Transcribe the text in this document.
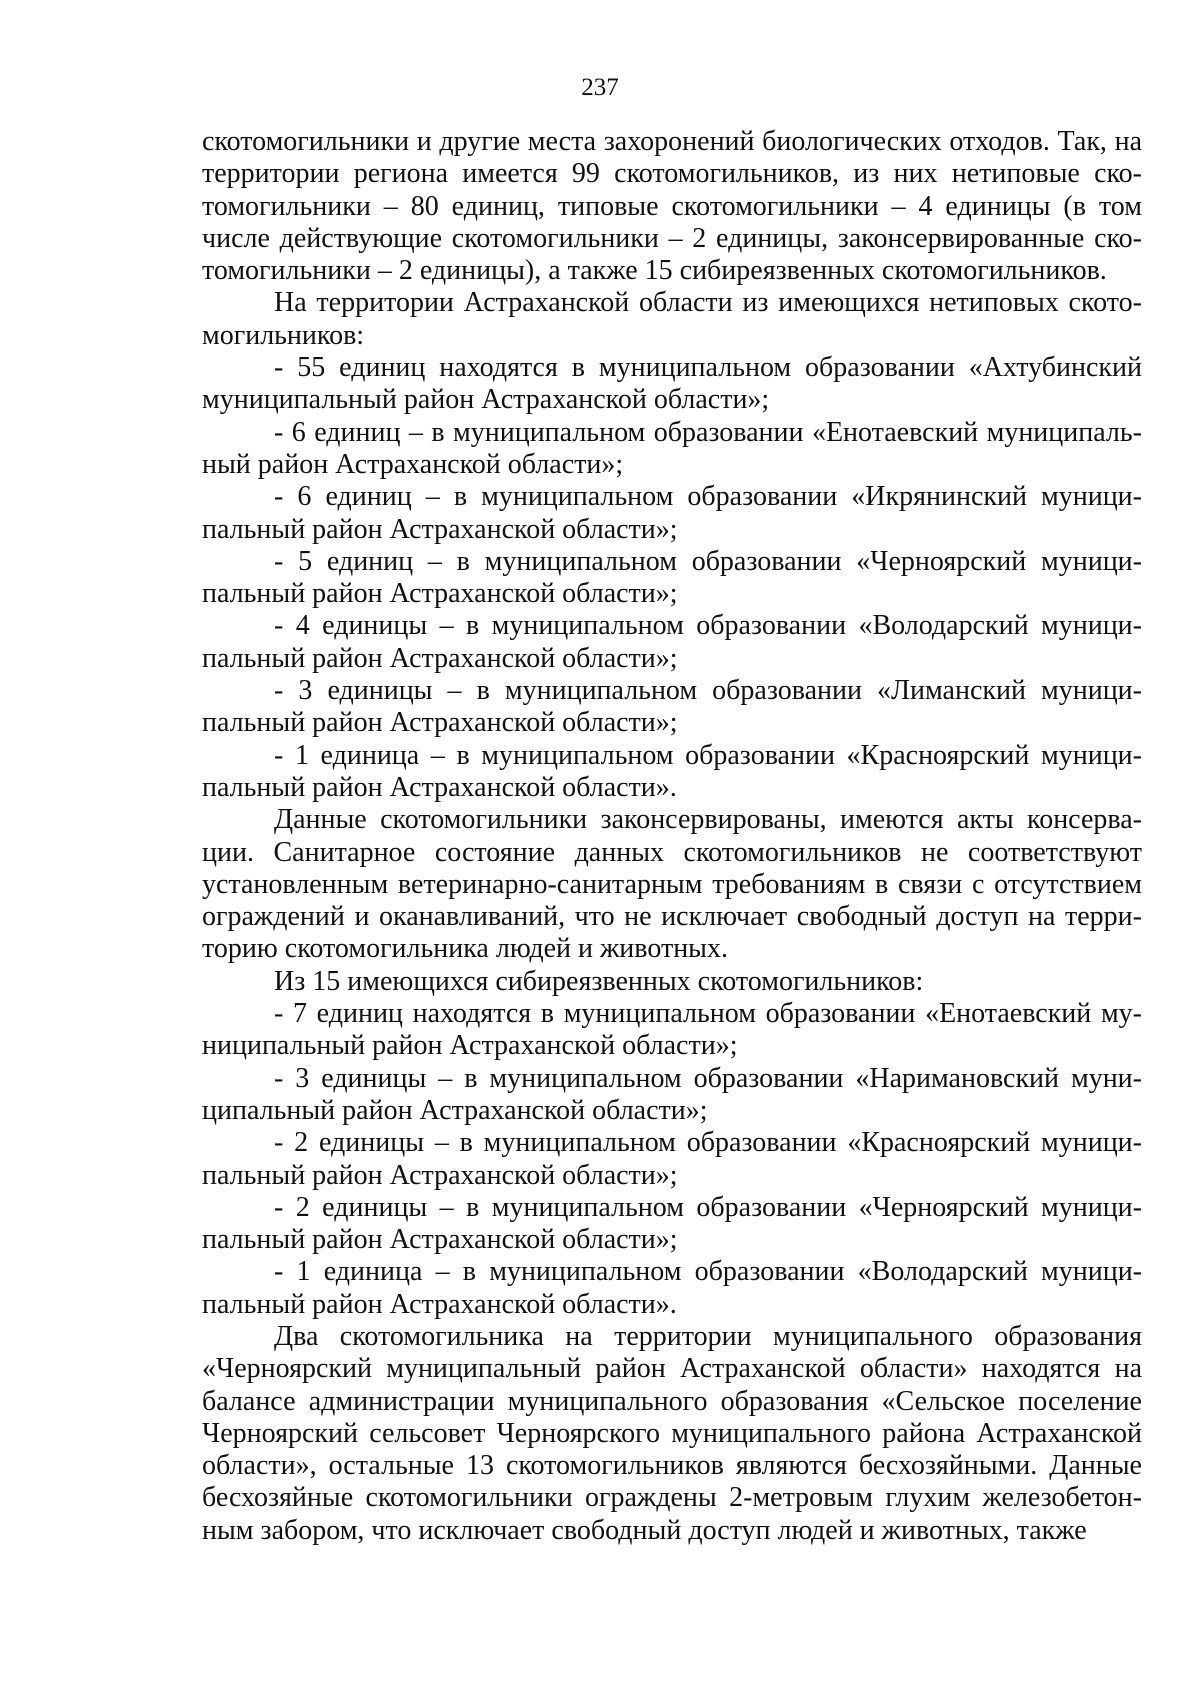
237

скотомогильники и другие места захоронений биологических отходов. Так, на территории региона имеется 99 скотомогильников, из них нетиповые скотомогильники – 80 единиц, типовые скотомогильники – 4 единицы (в том числе действующие скотомогильники – 2 единицы, законсервированные скотомогильники – 2 единицы), а также 15 сибиреязвенных скотомогильников.

На территории Астраханской области из имеющихся нетиповых скотомогильников:

- 55 единиц находятся в муниципальном образовании «Ахтубинский муниципальный район Астраханской области»;

- 6 единиц – в муниципальном образовании «Енотаевский муниципальный район Астраханской области»;

- 6 единиц – в муниципальном образовании «Икрянинский муниципальный район Астраханской области»;

- 5 единиц – в муниципальном образовании «Черноярский муниципальный район Астраханской области»;

- 4 единицы – в муниципальном образовании «Володарский муниципальный район Астраханской области»;

- 3 единицы – в муниципальном образовании «Лиманский муниципальный район Астраханской области»;

- 1 единица – в муниципальном образовании «Красноярский муниципальный район Астраханской области».

Данные скотомогильники законсервированы, имеются акты консервации. Санитарное состояние данных скотомогильников не соответствуют установленным ветеринарно-санитарным требованиям в связи с отсутствием ограждений и оканавливаний, что не исключает свободный доступ на территорию скотомогильника людей и животных.

Из 15 имеющихся сибиреязвенных скотомогильников:

- 7 единиц находятся в муниципальном образовании «Енотаевский муниципальный район Астраханской области»;

- 3 единицы – в муниципальном образовании «Наримановский муниципальный район Астраханской области»;

- 2 единицы – в муниципальном образовании «Красноярский муниципальный район Астраханской области»;

- 2 единицы – в муниципальном образовании «Черноярский муниципальный район Астраханской области»;

- 1 единица – в муниципальном образовании «Володарский муниципальный район Астраханской области».

Два скотомогильника на территории муниципального образования «Черноярский муниципальный район Астраханской области» находятся на балансе администрации муниципального образования «Сельское поселение Черноярский сельсовет Черноярского муниципального района Астраханской области», остальные 13 скотомогильников являются бесхозяйными. Данные бесхозяйные скотомогильники ограждены 2-метровым глухим железобетонным забором, что исключает свободный доступ людей и животных, также
